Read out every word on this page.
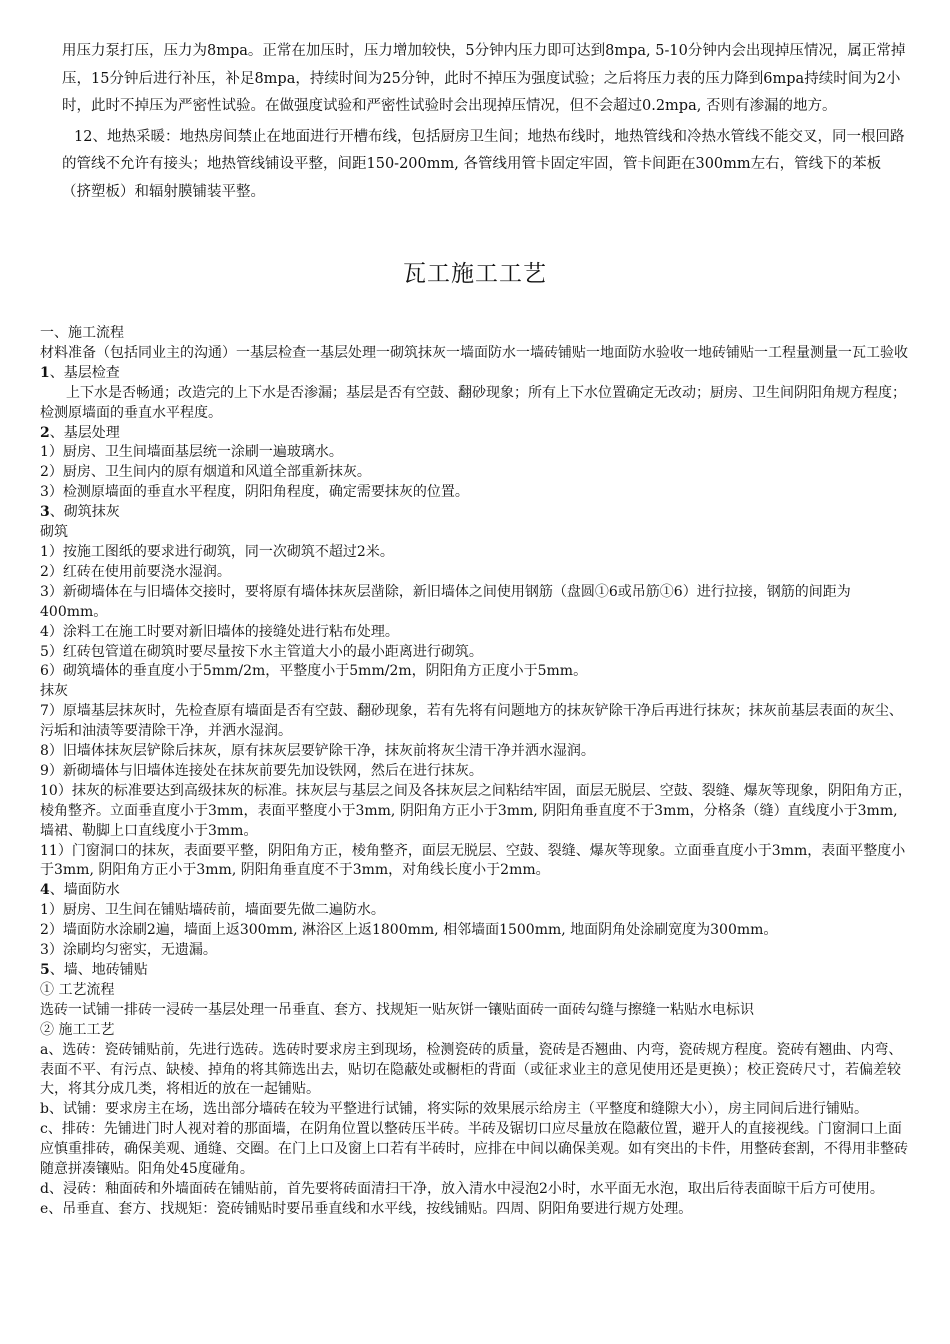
用压力泵打压，压力为8mpa。正常在加压时，压力增加较快，5分钟内压力即可达到8mpa, 5-10分钟内会出现掉压情况，属正常掉压，15分钟后进行补压，补足8mpa，持续时间为25分钟，此时不掉压为强度试验；之后将压力表的压力降到6mpa持续时间为2小时，此时不掉压为严密性试验。在做强度试验和严密性试验时会出现掉压情况，但不会超过0.2mpa, 否则有渗漏的地方。

12、地热采暖：地热房间禁止在地面进行开槽布线，包括厨房卫生间；地热布线时，地热管线和冷热水管线不能交叉，同一根回路的管线不允许有接头；地热管线铺设平整，间距150-200mm, 各管线用管卡固定牢固，管卡间距在300mm左右，管线下的苯板（挤塑板）和辐射膜铺装平整。

瓦工施工工艺
一、施工流程
材料准备（包括同业主的沟通）一基层检查一基层处理一砌筑抹灰一墙面防水一墙砖铺贴一地面防水验收一地砖铺贴一工程量测量一瓦工验收
1、基层检查
上下水是否畅通；改造完的上下水是否渗漏；基层是否有空鼓、翻砂现象；所有上下水位置确定无改动；厨房、卫生间阴阳角规方程度；检测原墙面的垂直水平程度。
2、基层处理
1）厨房、卫生间墙面基层统一涂刷一遍玻璃水。
2）厨房、卫生间内的原有烟道和风道全部重新抹灰。
3）检测原墙面的垂直水平程度，阴阳角程度，确定需要抹灰的位置。
3、砌筑抹灰
砌筑
1）按施工图纸的要求进行砌筑，同一次砌筑不超过2米。
2）红砖在使用前要浇水湿润。
3）新砌墙体在与旧墙体交接时，要将原有墙体抹灰层凿除，新旧墙体之间使用钢筋（盘圆①6或吊筋①6）进行拉接，钢筋的间距为400mm。
4）涂料工在施工时要对新旧墙体的接缝处进行粘布处理。
5）红砖包管道在砌筑时要尽量按下水主管道大小的最小距离进行砌筑。
6）砌筑墙体的垂直度小于5mm/2m，平整度小于5mm/2m，阴阳角方正度小于5mm。
抹灰
7）原墙基层抹灰时，先检查原有墙面是否有空鼓、翻砂现象，若有先将有问题地方的抹灰铲除干净后再进行抹灰；抹灰前基层表面的灰尘、污垢和油渍等要清除干净，并洒水湿润。
8）旧墙体抹灰层铲除后抹灰，原有抹灰层要铲除干净，抹灰前将灰尘清干净并洒水湿润。
9）新砌墙体与旧墙体连接处在抹灰前要先加设铁网，然后在进行抹灰。
10）抹灰的标准要达到高级抹灰的标准。抹灰层与基层之间及各抹灰层之间粘结牢固，面层无脱层、空鼓、裂缝、爆灰等现象，阴阳角方正，棱角整齐。立面垂直度小于3mm，表面平整度小于3mm, 阴阳角方正小于3mm, 阴阳角垂直度不于3mm，分格条（缝）直线度小于3mm, 墙裙、勒脚上口直线度小于3mm。
11）门窗洞口的抹灰，表面要平整，阴阳角方正，棱角整齐，面层无脱层、空鼓、裂缝、爆灰等现象。立面垂直度小于3mm，表面平整度小于3mm, 阴阳角方正小于3mm, 阴阳角垂直度不于3mm，对角线长度小于2mm。
4、墙面防水
1）厨房、卫生间在铺贴墙砖前，墙面要先做二遍防水。
2）墙面防水涂刷2遍，墙面上返300mm, 淋浴区上返1800mm, 相邻墙面1500mm, 地面阴角处涂刷宽度为300mm。
3）涂刷均匀密实，无遗漏。
5、墙、地砖铺贴
① 工艺流程
选砖一试铺一排砖一浸砖一基层处理一吊垂直、套方、找规矩一贴灰饼一镶贴面砖一面砖勾缝与擦缝一粘贴水电标识
② 施工工艺
a、选砖：瓷砖铺贴前，先进行选砖。选砖时要求房主到现场，检测瓷砖的质量，瓷砖是否翘曲、内弯，瓷砖规方程度。瓷砖有翘曲、内弯、表面不平、有污点、缺棱、掉角的将其筛选出去，贴切在隐蔽处或橱柜的背面（或征求业主的意见使用还是更换）；校正瓷砖尺寸，若偏差较大，将其分成几类，将相近的放在一起铺贴。
b、试铺：要求房主在场，选出部分墙砖在较为平整进行试铺，将实际的效果展示给房主（平整度和缝隙大小），房主同间后进行铺贴。
c、排砖：先铺进门时人视对着的那面墙，在阴角位置以整砖压半砖。半砖及锯切口应尽量放在隐蔽位置，避开人的直接视线。门窗洞口上面应慎重排砖，确保美观、通缝、交圈。在门上口及窗上口若有半砖时，应排在中间以确保美观。如有突出的卡件，用整砖套割，不得用非整砖随意拼凑镶贴。阳角处45度碰角。
d、浸砖：釉面砖和外墙面砖在铺贴前，首先要将砖面清扫干净，放入清水中浸泡2小时，水平面无水泡，取出后待表面晾干后方可使用。
e、吊垂直、套方、找规矩：瓷砖铺贴时要吊垂直线和水平线，按线铺贴。四周、阴阳角要进行规方处理。
